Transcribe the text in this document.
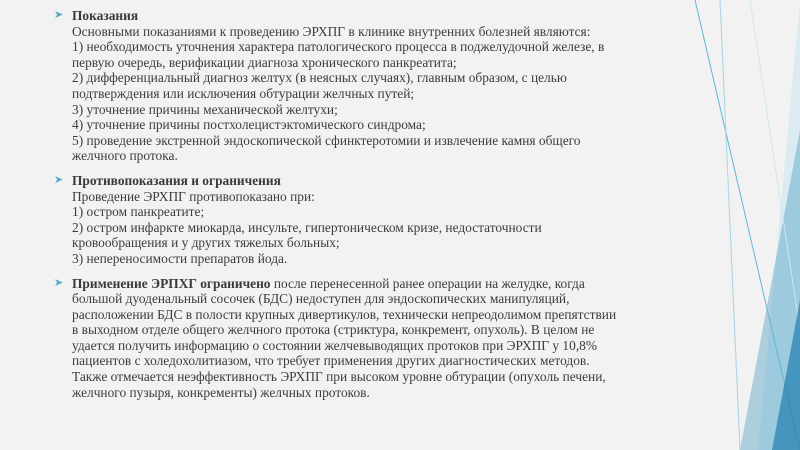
➤ Показания
Основными показаниями к проведению ЭРХПГ в клинике внутренних болезней являются:
1) необходимость уточнения характера патологического процесса в поджелудочной железе, в
первую очередь, верификации диагноза хронического панкреатита;
2) дифференциальный диагноз желтух (в неясных случаях), главным образом, с целью
подтверждения или исключения обтурации желчных путей;
3) уточнение причины механической желтухи;
4) уточнение причины постхолецистэктомического синдрома;
5) проведение экстренной эндоскопической сфинктеротомии и извлечение камня общего
желчного протока.
➤ Противопоказания и ограничения
Проведение ЭРХПГ противопоказано при:
1) остром панкреатите;
2) остром инфаркте миокарда, инсульте, гипертоническом кризе, недостаточности
кровообращения и у других тяжелых больных;
3) непереносимости препаратов йода.
➤ Применение ЭРПХГ ограничено после перенесенной ранее операции на желудке, когда
большой дуоденальный сосочек (БДС) недоступен для эндоскопических манипуляций,
расположении БДС в полости крупных дивертикулов, технически непреодолимом препятствии
в выходном отделе общего желчного протока (стриктура, конкремент, опухоль). В целом не
удается получить информацию о состоянии желчевыводящих протоков при ЭРХПГ у 10,8%
пациентов с холедохолитиазом, что требует применения других диагностических методов.
Также отмечается неэффективность ЭРХПГ при высоком уровне обтурации (опухоль печени,
желчного пузыря, конкременты) желчных протоков.
